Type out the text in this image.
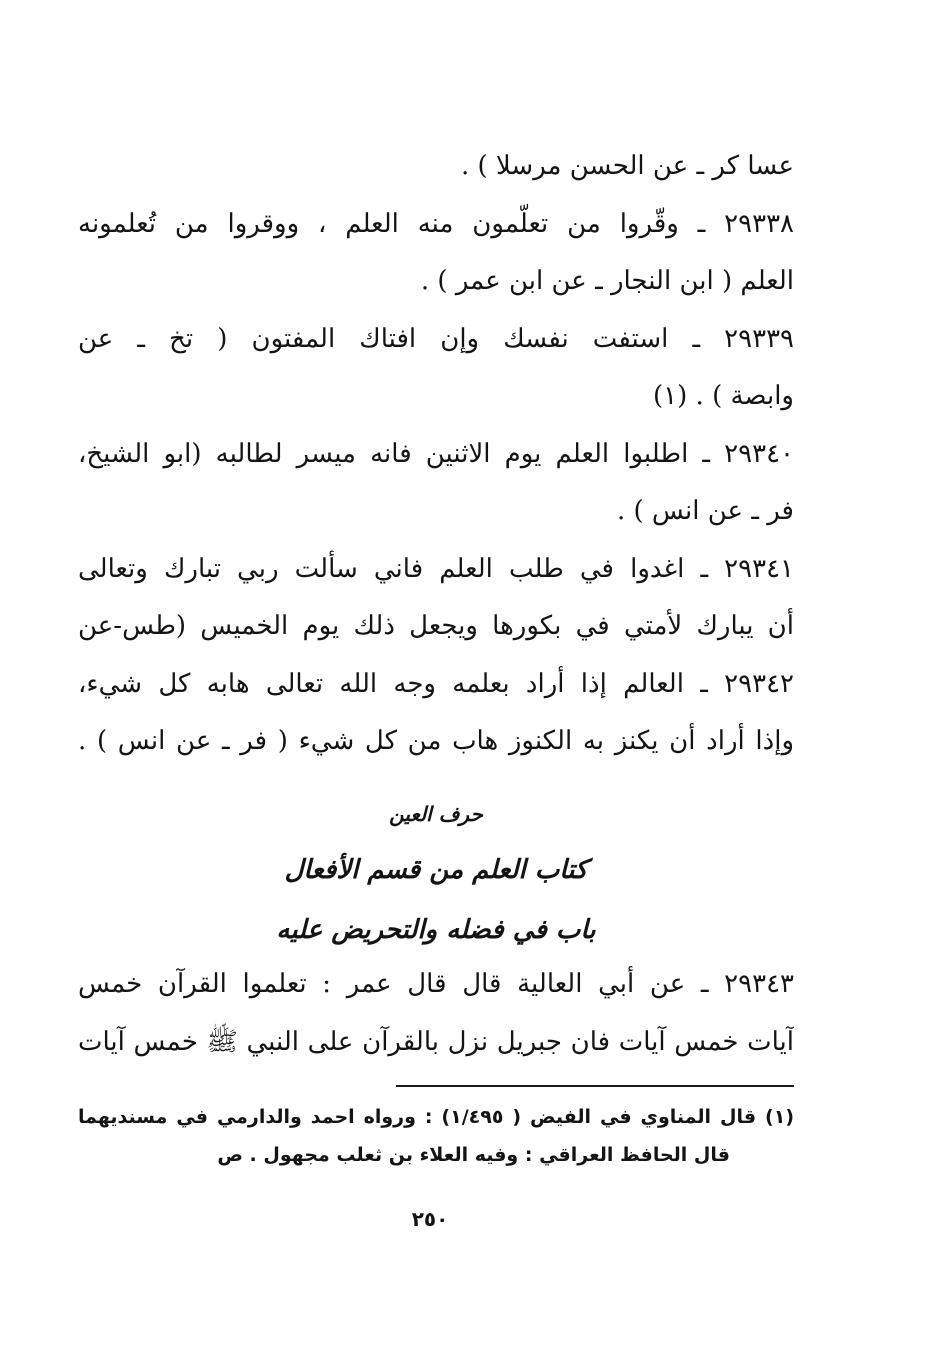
عسا كر ـ عن الحسن مرسلا ) .
٢٩٣٣٨ ـ وقّروا من تعلّمون منه العلم ، ووقروا من تُعلمونه
العلم ( ابن النجار ـ عن ابن عمر ) .
٢٩٣٣٩ ـ استفت نفسك وإن افتاك المفتون ( تخ ـ عن
وابصة ) . (١)
٢٩٣٤٠ ـ اطلبوا العلم يوم الاثنين فانه ميسر لطالبه (ابو الشيخ،
فر ـ عن انس ) .
٢٩٣٤١ ـ اغدوا في طلب العلم فاني سألت ربي تبارك وتعالى
أن يبارك لأمتي في بكورها ويجعل ذلك يوم الخميس (طس-عن
٢٩٣٤٢ ـ العالم إذا أراد بعلمه وجه الله تعالى هابه كل شيء،
وإذا أراد أن يكنز به الكنوز هاب من كل شيء ( فر ـ عن انس ) .
حرف العين
كتاب العلم من قسم الأفعال
باب في فضله والتحريض عليه
٢٩٣٤٣ ـ عن أبي العالية قال قال عمر : تعلموا القرآن خمس
آيات خمس آيات فان جبريل نزل بالقرآن على النبي ﷺ خمس آيات
(١) قال المناوي في الفيض ( ١/٤٩٥) : ورواه احمد والدارمي في مسنديهما
قال الحافظ العراقي : وفيه العلاء بن ثعلب مجهول . ص
٢٥٠
